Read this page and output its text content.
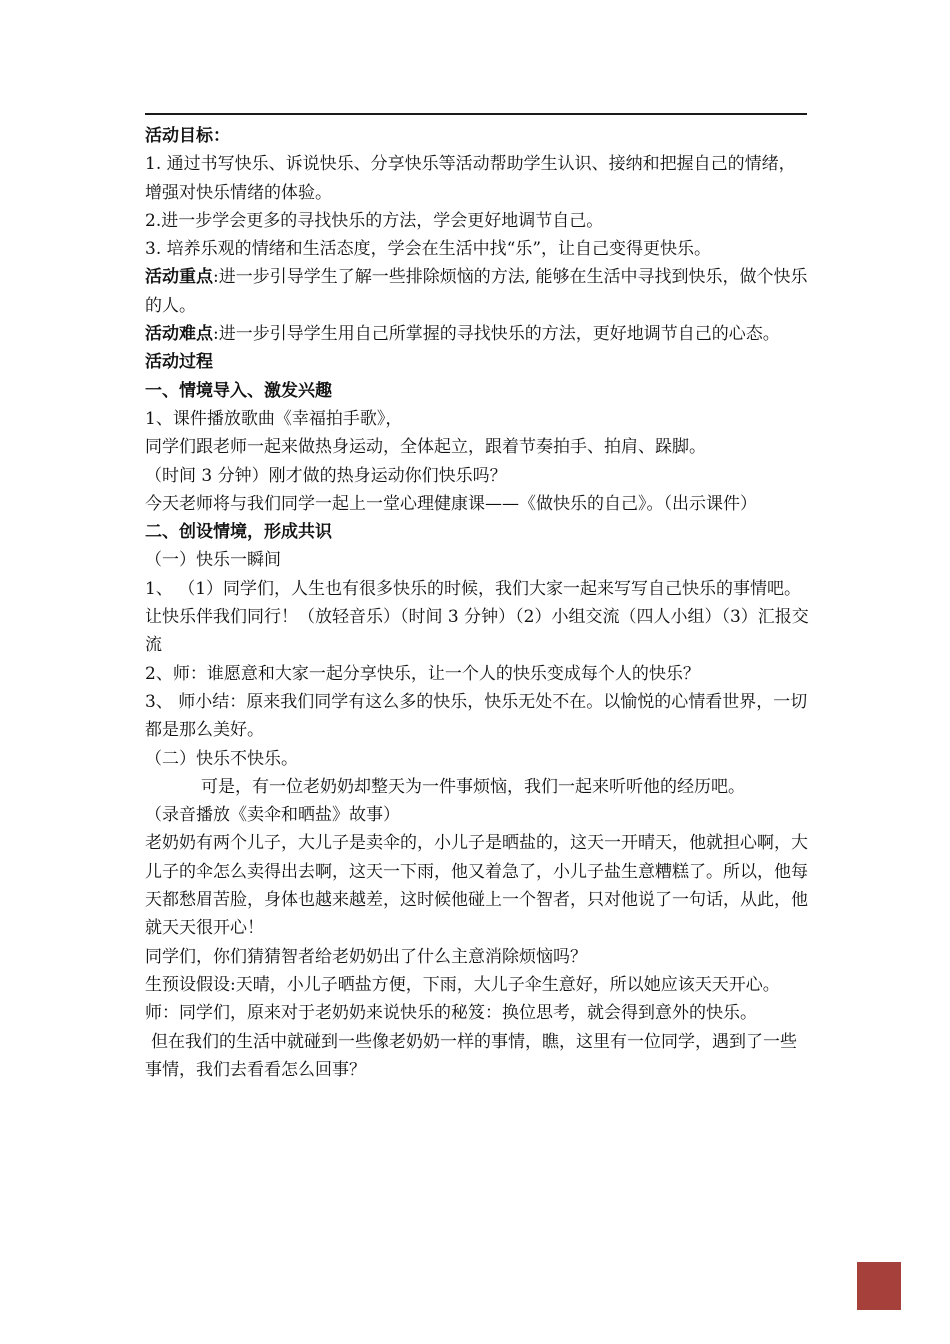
活动目标：

1. 通过书写快乐、诉说快乐、分享快乐等活动帮助学生认识、接纳和把握自己的情绪，增强对快乐情绪的体验。

2.进一步学会更多的寻找快乐的方法，学会更好地调节自己。

3. 培养乐观的情绪和生活态度，学会在生活中找“乐”，让自己变得更快乐。

活动重点:进一步引导学生了解一些排除烦恼的方法, 能够在生活中寻找到快乐，做个快乐的人。

活动难点:进一步引导学生用自己所掌握的寻找快乐的方法，更好地调节自己的心态。

活动过程

一、情境导入、激发兴趣

1、课件播放歌曲《幸福拍手歌》，

同学们跟老师一起来做热身运动，全体起立，跟着节奏拍手、拍肩、跺脚。

（时间 3 分钟）刚才做的热身运动你们快乐吗？

今天老师将与我们同学一起上一堂心理健康课——《做快乐的自己》。（出示课件）

二、创设情境，形成共识

（一）快乐一瞬间

1、 （1）同学们，人生也有很多快乐的时候，我们大家一起来写写自己快乐的事情吧。让快乐伴我们同行！（放轻音乐）（时间 3 分钟）（2）小组交流（四人小组）（3）汇报交流

2、师：谁愿意和大家一起分享快乐，让一个人的快乐变成每个人的快乐？

3、 师小结：原来我们同学有这么多的快乐，快乐无处不在。以愉悦的心情看世界，一切都是那么美好。

（二）快乐不快乐。

可是，有一位老奶奶却整天为一件事烦恼，我们一起来听听他的经历吧。

（录音播放《卖伞和晒盐》故事）

老奶奶有两个儿子，大儿子是卖伞的，小儿子是晒盐的，这天一开晴天，他就担心啊，大儿子的伞怎么卖得出去啊，这天一下雨，他又着急了，小儿子盐生意糟糕了。所以，他每天都愁眉苦脸，身体也越来越差，这时候他碰上一个智者，只对他说了一句话，从此，他就天天很开心！

同学们，你们猜猜智者给老奶奶出了什么主意消除烦恼吗？

生预设假设:天晴，小儿子晒盐方便，下雨，大儿子伞生意好，所以她应该天天开心。

师：同学们，原来对于老奶奶来说快乐的秘笈：换位思考，就会得到意外的快乐。

但在我们的生活中就碰到一些像老奶奶一样的事情，瞧，这里有一位同学，遇到了一些事情，我们去看看怎么回事？
